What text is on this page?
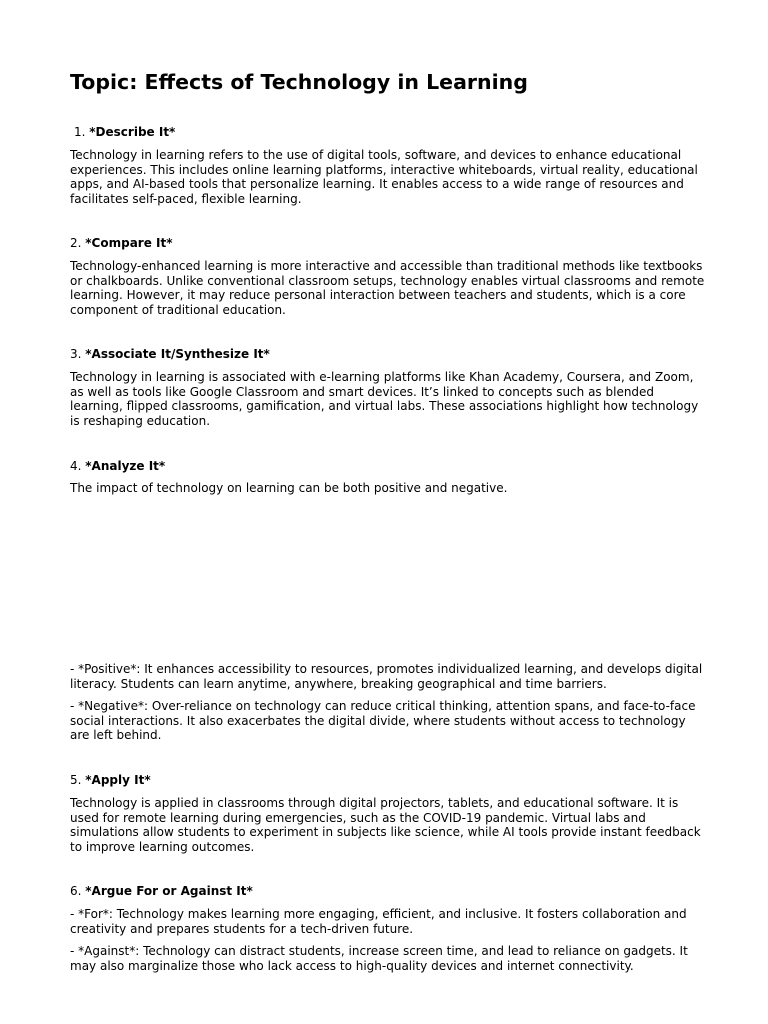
Topic: Effects of Technology in Learning

1. *Describe It*

Technology in learning refers to the use of digital tools, software, and devices to enhance educational experiences. This includes online learning platforms, interactive whiteboards, virtual reality, educational apps, and AI-based tools that personalize learning. It enables access to a wide range of resources and facilitates self-paced, flexible learning.

2. *Compare It*

Technology-enhanced learning is more interactive and accessible than traditional methods like textbooks or chalkboards. Unlike conventional classroom setups, technology enables virtual classrooms and remote learning. However, it may reduce personal interaction between teachers and students, which is a core component of traditional education.

3. *Associate It/Synthesize It*

Technology in learning is associated with e-learning platforms like Khan Academy, Coursera, and Zoom, as well as tools like Google Classroom and smart devices. It’s linked to concepts such as blended learning, flipped classrooms, gamification, and virtual labs. These associations highlight how technology is reshaping education.

4. *Analyze It*

The impact of technology on learning can be both positive and negative.

- *Positive*: It enhances accessibility to resources, promotes individualized learning, and develops digital literacy. Students can learn anytime, anywhere, breaking geographical and time barriers.

- *Negative*: Over-reliance on technology can reduce critical thinking, attention spans, and face-to-face social interactions. It also exacerbates the digital divide, where students without access to technology are left behind.

5. *Apply It*

Technology is applied in classrooms through digital projectors, tablets, and educational software. It is used for remote learning during emergencies, such as the COVID-19 pandemic. Virtual labs and simulations allow students to experiment in subjects like science, while AI tools provide instant feedback to improve learning outcomes.

6. *Argue For or Against It*

- *For*: Technology makes learning more engaging, efficient, and inclusive. It fosters collaboration and creativity and prepares students for a tech-driven future.

- *Against*: Technology can distract students, increase screen time, and lead to reliance on gadgets. It may also marginalize those who lack access to high-quality devices and internet connectivity.
